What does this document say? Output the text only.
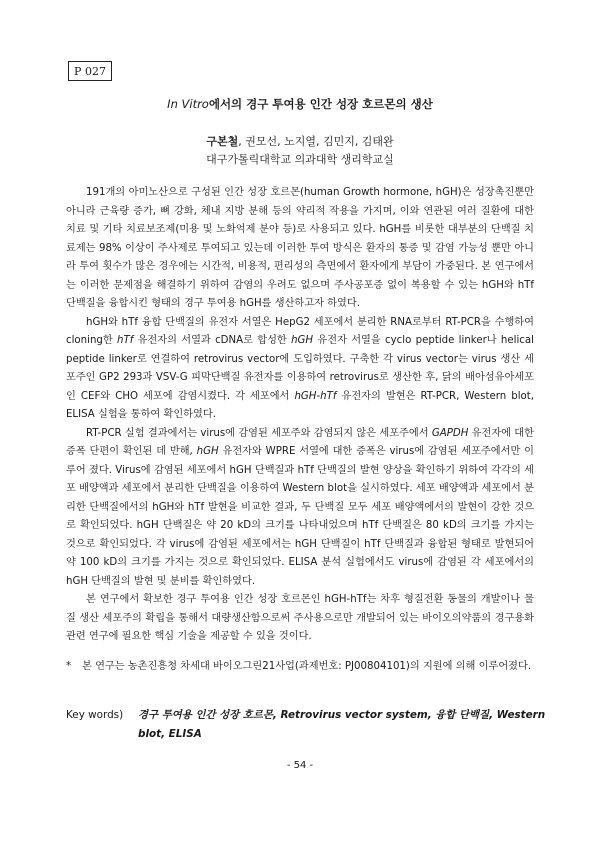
P 027
In Vitro에서의 경구 투여용 인간 성장 호르몬의 생산
구본철, 권모선, 노지열, 김민지, 김태완
대구가톨릭대학교 의과대학 생리학교실

191개의 아미노산으로 구성된 인간 성장 호르몬(human Growth hormone, hGH)은 성장촉진뿐만 아니라 근육량 증가, 뼈 강화, 체내 지방 분해 등의 약리적 작용을 가지며, 이와 연관된 여러 질환에 대한 치료 및 기타 치료보조제(미용 및 노화억제 분야 등)로 사용되고 있다. hGH를 비롯한 대부분의 단백질 치료제는 98% 이상이 주사제로 투여되고 있는데 이러한 투여 방식은 환자의 통증 및 감염 가능성 뿐만 아니라 투여 횟수가 많은 경우에는 시간적, 비용적, 편리성의 측면에서 환자에게 부담이 가중된다. 본 연구에서는 이러한 문제점을 해결하기 위하여 감염의 우려도 없으며 주사공포증 없이 복용할 수 있는 hGH와 hTf 단백질을 융합시킨 형태의 경구 투여용 hGH를 생산하고자 하였다.

hGH와 hTf 융합 단백질의 유전자 서열은 HepG2 세포에서 분리한 RNA로부터 RT-PCR을 수행하여 cloning한 hTf 유전자의 서열과 cDNA로 합성한 hGH 유전자 서열을 cyclo peptide linker나 helical peptide linker로 연결하여 retrovirus vector에 도입하였다. 구축한 각 virus vector는 virus 생산 세포주인 GP2 293과 VSV-G 피막단백질 유전자를 이용하여 retrovirus로 생산한 후, 닭의 배아섬유아세포인 CEF와 CHO 세포에 감염시켰다. 각 세포에서 hGH-hTf 유전자의 발현은 RT-PCR, Western blot, ELISA 실험을 통하여 확인하였다.

RT-PCR 실험 결과에서는 virus에 감염된 세포주와 감염되지 않은 세포주에서 GAPDH 유전자에 대한 증폭 단편이 확인된 데 반해, hGH 유전자와 WPRE 서열에 대한 증폭은 virus에 감염된 세포주에서만 이루어 졌다. Virus에 감염된 세포에서 hGH 단백질과 hTf 단백질의 발현 양상을 확인하기 위하여 각각의 세포 배양액과 세포에서 분리한 단백질을 이용하여 Western blot을 실시하였다. 세포 배양액과 세포에서 분리한 단백질에서의 hGH와 hTf 발현을 비교한 결과, 두 단백질 모두 세포 배양액에서의 발현이 강한 것으로 확인되었다. hGH 단백질은 약 20 kD의 크기를 나타내었으며 hTf 단백질은 80 kD의 크기를 가지는 것으로 확인되었다. 각 virus에 감염된 세포에서는 hGH 단백질이 hTf 단백질과 융합된 형태로 발현되어 약 100 kD의 크기를 가지는 것으로 확인되었다. ELISA 분석 실험에서도 virus에 감염된 각 세포에서의 hGH 단백질의 발현 및 분비를 확인하였다.

본 연구에서 확보한 경구 투여용 인간 성장 호르몬인 hGH-hTf는 차후 형질전환 동물의 개발이나 물질 생산 세포주의 확립을 통해서 대량생산함으로써 주사용으로만 개발되어 있는 바이오의약품의 경구용화 관련 연구에 필요한 핵심 기술을 제공할 수 있을 것이다.

*	본 연구는 농촌진흥청 차세대 바이오그린21사업(과제번호: PJ00804101)의 지원에 의해 이루어졌다.
Key words)	경구 투여용 인간 성장 호르몬, Retrovirus vector system, 융합 단백질, Western blot, ELISA
- 54 -
